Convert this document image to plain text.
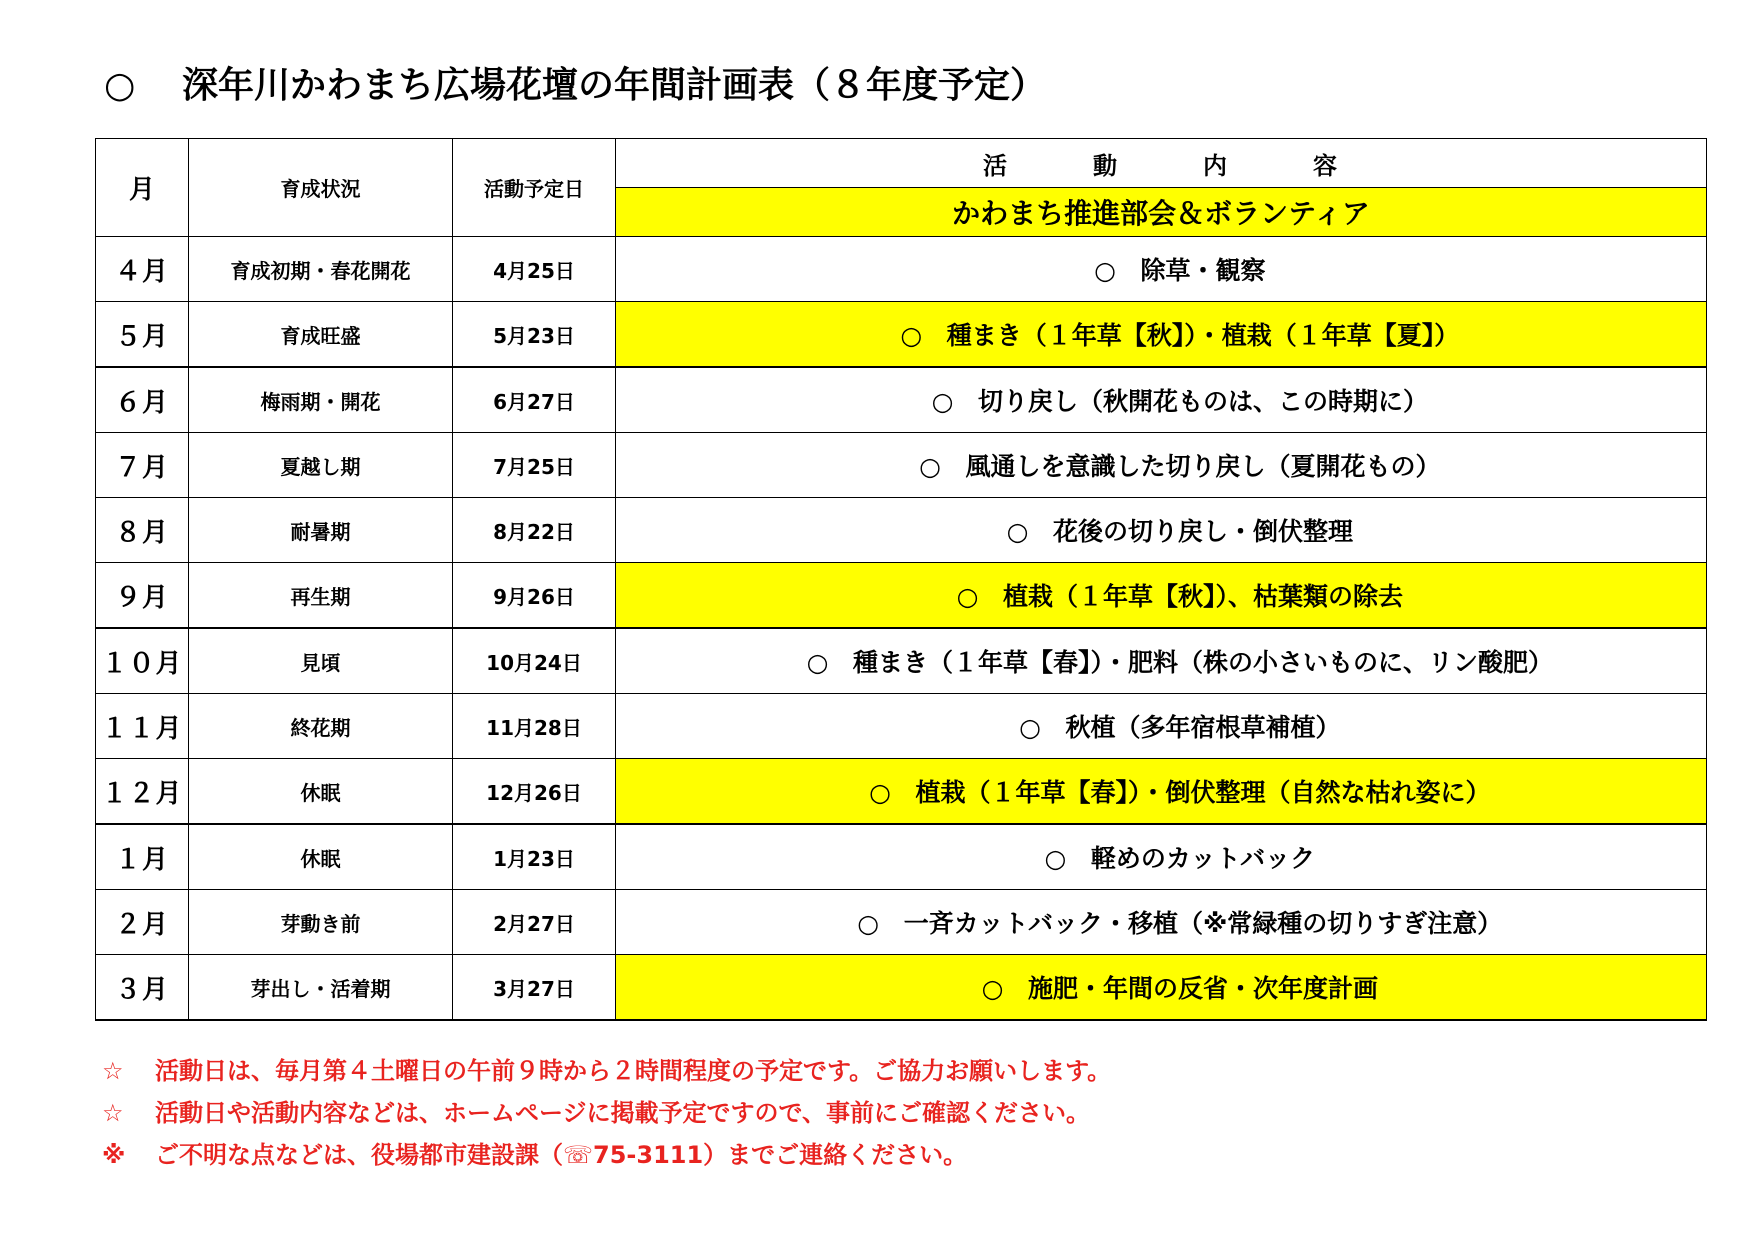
○ 深年川かわまち広場花壇の年間計画表（８年度予定）
月	育成状況	活動予定日	活 動 内 容
			かわまち推進部会＆ボランティア
４月	育成初期・春花開花	4月25日	○ 除草・観察
５月	育成旺盛	5月23日	○ 種まき（１年草【秋】）・植栽（１年草【夏】）
６月	梅雨期・開花	6月27日	○ 切り戻し（秋開花ものは、この時期に）
７月	夏越し期	7月25日	○ 風通しを意識した切り戻し（夏開花もの）
８月	耐暑期	8月22日	○ 花後の切り戻し・倒伏整理
９月	再生期	9月26日	○ 植栽（１年草【秋】）、枯葉類の除去
１０月	見頃	10月24日	○ 種まき（１年草【春】）・肥料（株の小さいものに、リン酸肥）
１１月	終花期	11月28日	○ 秋植（多年宿根草補植）
１２月	休眠	12月26日	○ 植栽（１年草【春】）・倒伏整理（自然な枯れ姿に）
１月	休眠	1月23日	○ 軽めのカットバック
２月	芽動き前	2月27日	○ 一斉カットバック・移植（※常緑種の切りすぎ注意）
３月	芽出し・活着期	3月27日	○ 施肥・年間の反省・次年度計画
☆ 活動日は、毎月第４土曜日の午前９時から２時間程度の予定です。ご協力お願いします。
☆ 活動日や活動内容などは、ホームページに掲載予定ですので、事前にご確認ください。
※ ご不明な点などは、役場都市建設課（☏75-3111）までご連絡ください。
